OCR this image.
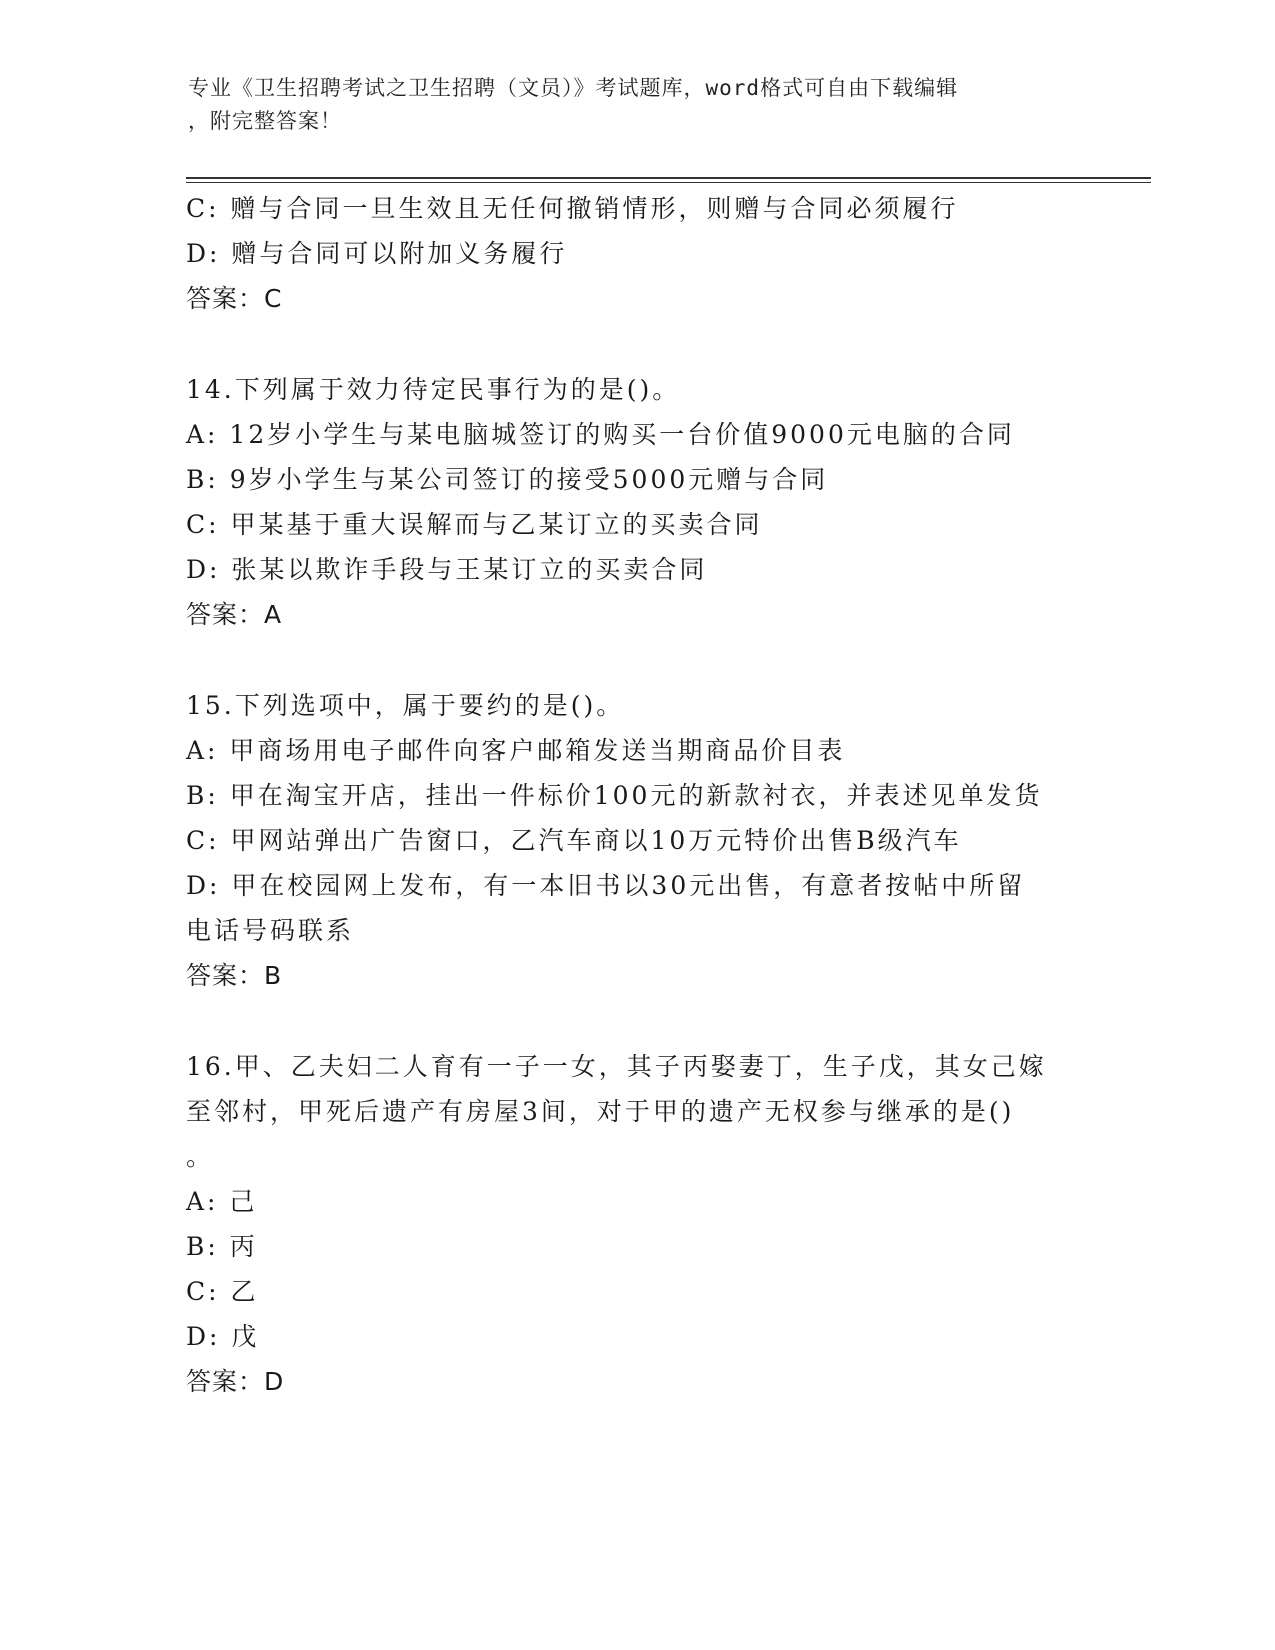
专业《卫生招聘考试之卫生招聘（文员）》考试题库，word格式可自由下载编辑
，附完整答案！
C: 赠与合同一旦生效且无任何撤销情形，则赠与合同必须履行
D: 赠与合同可以附加义务履行
答案：C
14.下列属于效力待定民事行为的是()。
A: 12岁小学生与某电脑城签订的购买一台价值9000元电脑的合同
B: 9岁小学生与某公司签订的接受5000元赠与合同
C: 甲某基于重大误解而与乙某订立的买卖合同
D: 张某以欺诈手段与王某订立的买卖合同
答案：A
15.下列选项中，属于要约的是()。
A: 甲商场用电子邮件向客户邮箱发送当期商品价目表
B: 甲在淘宝开店，挂出一件标价100元的新款衬衣，并表述见单发货
C: 甲网站弹出广告窗口，乙汽车商以10万元特价出售B级汽车
D: 甲在校园网上发布，有一本旧书以30元出售，有意者按帖中所留
电话号码联系
答案：B
16.甲、乙夫妇二人育有一子一女，其子丙娶妻丁，生子戊，其女己嫁
至邻村，甲死后遗产有房屋3间，对于甲的遗产无权参与继承的是()
。
A: 己
B: 丙
C: 乙
D: 戊
答案：D
